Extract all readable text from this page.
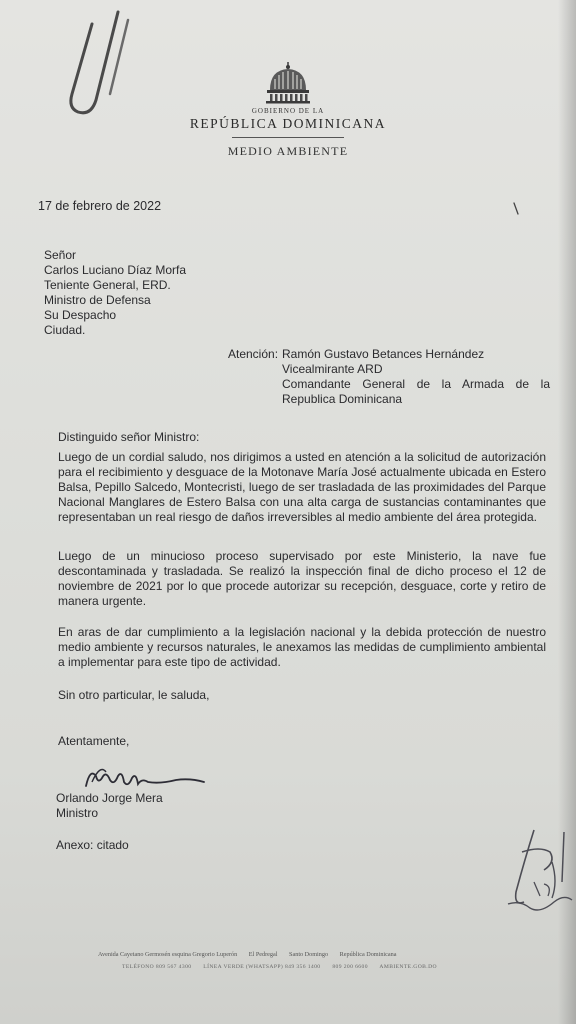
GOBIERNO DE LA
REPÚBLICA DOMINICANA
MEDIO AMBIENTE

17 de febrero de 2022

Señor
Carlos Luciano Díaz Morfa
Teniente General, ERD.
Ministro de Defensa
Su Despacho
Ciudad.

Atención: Ramón Gustavo Betances Hernández
Vicealmirante ARD
Comandante General de la Armada de la Republica Dominicana

Distinguido señor Ministro:

Luego de un cordial saludo, nos dirigimos a usted en atención a la solicitud de autorización para el recibimiento y desguace de la Motonave María José actualmente ubicada en Estero Balsa, Pepillo Salcedo, Montecristi, luego de ser trasladada de las proximidades del Parque Nacional Manglares de Estero Balsa con una alta carga de sustancias contaminantes que representaban un real riesgo de daños irreversibles al medio ambiente del área protegida.

Luego de un minucioso proceso supervisado por este Ministerio, la nave fue descontaminada y trasladada. Se realizó la inspección final de dicho proceso el 12 de noviembre de 2021 por lo que procede autorizar su recepción, desguace, corte y retiro de manera urgente.

En aras de dar cumplimiento a la legislación nacional y la debida protección de nuestro medio ambiente y recursos naturales, le anexamos las medidas de cumplimiento ambiental a implementar para este tipo de actividad.

Sin otro particular, le saluda,

Atentamente,

Orlando Jorge Mera

Ministro

Anexo: citado

Avenida Cayetano Germosén esquina Gregorio Luperón El Pedregal Santo Domingo República Dominicana
TELÉFONO 809 567 4300 LÍNEA VERDE (WHATSAPP) 849 356 1400 809 200 6600 AMBIENTE.GOB.DO
